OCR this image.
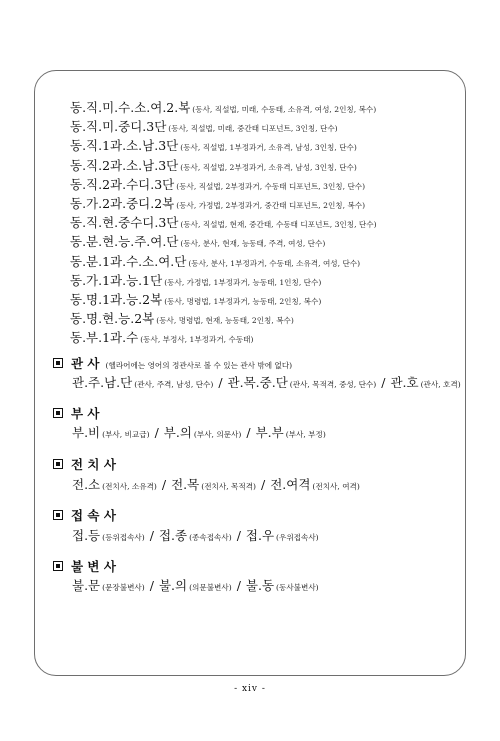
동.직.미.수.소.여.2.복 (동사, 직설법, 미래, 수동태, 소유격, 여성, 2인칭, 복수)
동.직.미.중디.3단 (동사, 직설법, 미래, 중간태 디포넌트, 3인칭, 단수)
동.직.1과.소.남.3단 (동사, 직설법, 1부정과거, 소유격, 남성, 3인칭, 단수)
동.직.2과.소.남.3단 (동사, 직설법, 2부정과거, 소유격, 남성, 3인칭, 단수)
동.직.2과.수디.3단 (동사, 직설법, 2부정과거, 수동태 디포넌트, 3인칭, 단수)
동.가.2과.중디.2복 (동사, 가정법, 2부정과거, 중간태 디포넌트, 2인칭, 복수)
동.직.현.중수디.3단 (동사, 직설법, 현재, 중간태, 수동태 디포넌트, 3인칭, 단수)
동.분.현.능.주.여.단 (동사, 분사, 현재, 능동태, 주격, 여성, 단수)
동.분.1과.수.소.여.단 (동사, 분사, 1부정과거, 수동태, 소유격, 여성, 단수)
동.가.1과.능.1단 (동사, 가정법, 1부정과거, 능동태, 1인칭, 단수)
동.명.1과.능.2복 (동사, 명령법, 1부정과거, 능동태, 2인칭, 복수)
동.명.현.능.2복 (동사, 명령법, 현재, 능동태, 2인칭, 복수)
동.부.1과.수 (동사, 부정사, 1부정과거, 수동태)
관 사 (헬라어에는 영어의 정관사로 볼 수 있는 관사 밖에 없다)
관.주.남.단 (관사, 주격, 남성, 단수) / 관.목.중.단 (관사, 목적격, 중성, 단수) / 관.호 (관사, 호격)
부 사
부.비 (부사, 비교급) / 부.의 (부사, 의문사) / 부.부 (부사, 부정)
전 치 사
전.소 (전치사, 소유격) / 전.목 (전치사, 목적격) / 전.여격 (전치사, 여격)
접 속 사
접.등 (등위접속사) / 접.종 (종속접속사) / 접.우 (우위접속사)
불 변 사
불.문 (문장불변사) / 불.의 (의문불변사) / 불.동 (동사불변사)
- xiv -
